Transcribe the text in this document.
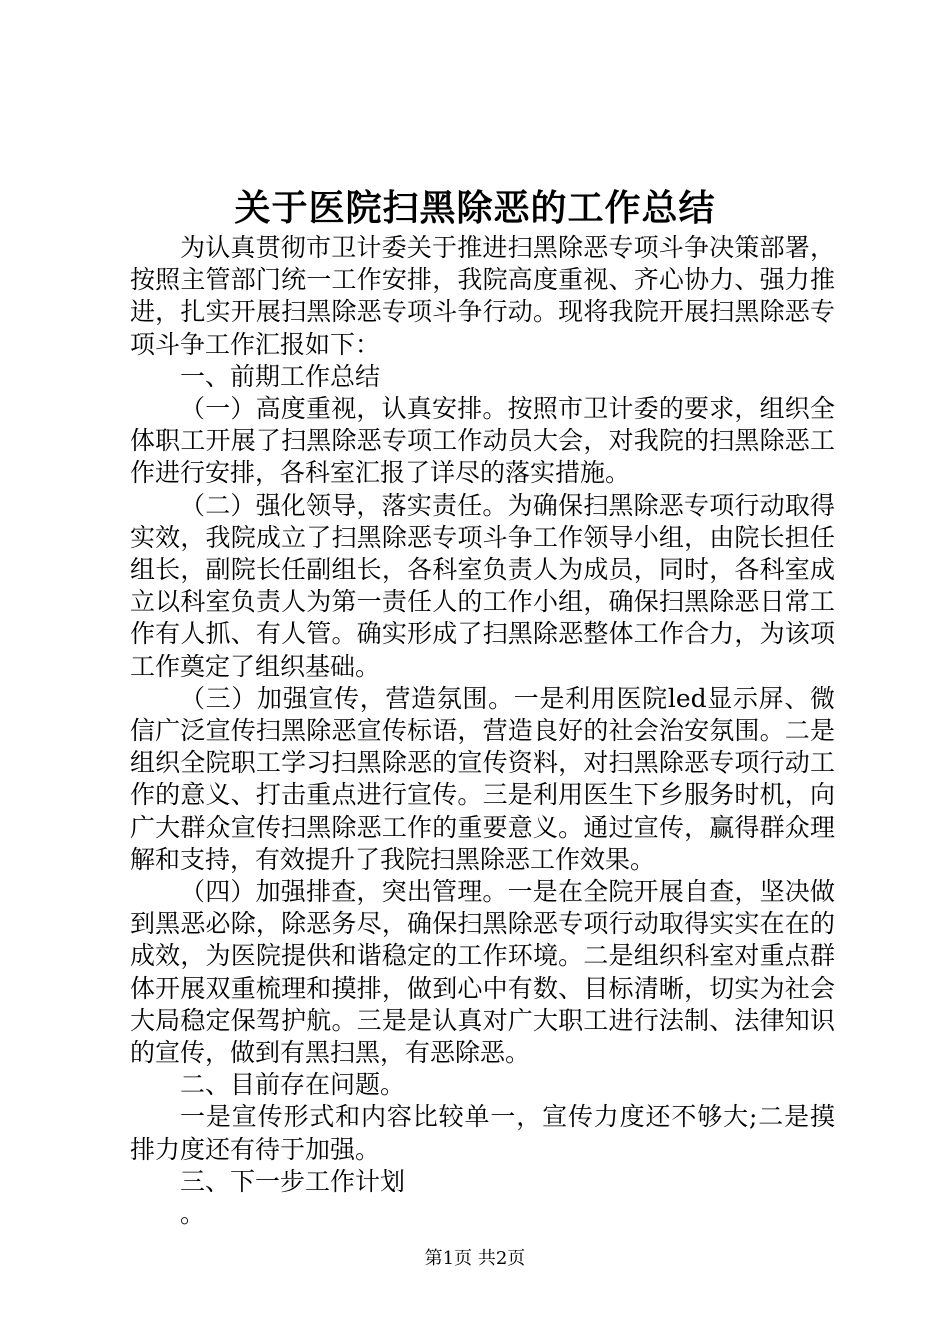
关于医院扫黑除恶的工作总结

为认真贯彻市卫计委关于推进扫黑除恶专项斗争决策部署，按照主管部门统一工作安排，我院高度重视、齐心协力、强力推进，扎实开展扫黑除恶专项斗争行动。现将我院开展扫黑除恶专项斗争工作汇报如下：

一、前期工作总结

（一）高度重视，认真安排。按照市卫计委的要求，组织全体职工开展了扫黑除恶专项工作动员大会，对我院的扫黑除恶工作进行安排，各科室汇报了详尽的落实措施。

（二）强化领导，落实责任。为确保扫黑除恶专项行动取得实效，我院成立了扫黑除恶专项斗争工作领导小组，由院长担任组长，副院长任副组长，各科室负责人为成员，同时，各科室成立以科室负责人为第一责任人的工作小组，确保扫黑除恶日常工作有人抓、有人管。确实形成了扫黑除恶整体工作合力，为该项工作奠定了组织基础。

（三）加强宣传，营造氛围。一是利用医院led显示屏、微信广泛宣传扫黑除恶宣传标语，营造良好的社会治安氛围。二是组织全院职工学习扫黑除恶的宣传资料，对扫黑除恶专项行动工作的意义、打击重点进行宣传。三是利用医生下乡服务时机，向广大群众宣传扫黑除恶工作的重要意义。通过宣传，赢得群众理解和支持，有效提升了我院扫黑除恶工作效果。

（四）加强排查，突出管理。一是在全院开展自查，坚决做到黑恶必除，除恶务尽，确保扫黑除恶专项行动取得实实在在的成效，为医院提供和谐稳定的工作环境。二是组织科室对重点群体开展双重梳理和摸排，做到心中有数、目标清晰，切实为社会大局稳定保驾护航。三是是认真对广大职工进行法制、法律知识的宣传，做到有黑扫黑，有恶除恶。

二、目前存在问题。

一是宣传形式和内容比较单一，宣传力度还不够大;二是摸排力度还有待于加强。

三、下一步工作计划

。

第1页 共2页
